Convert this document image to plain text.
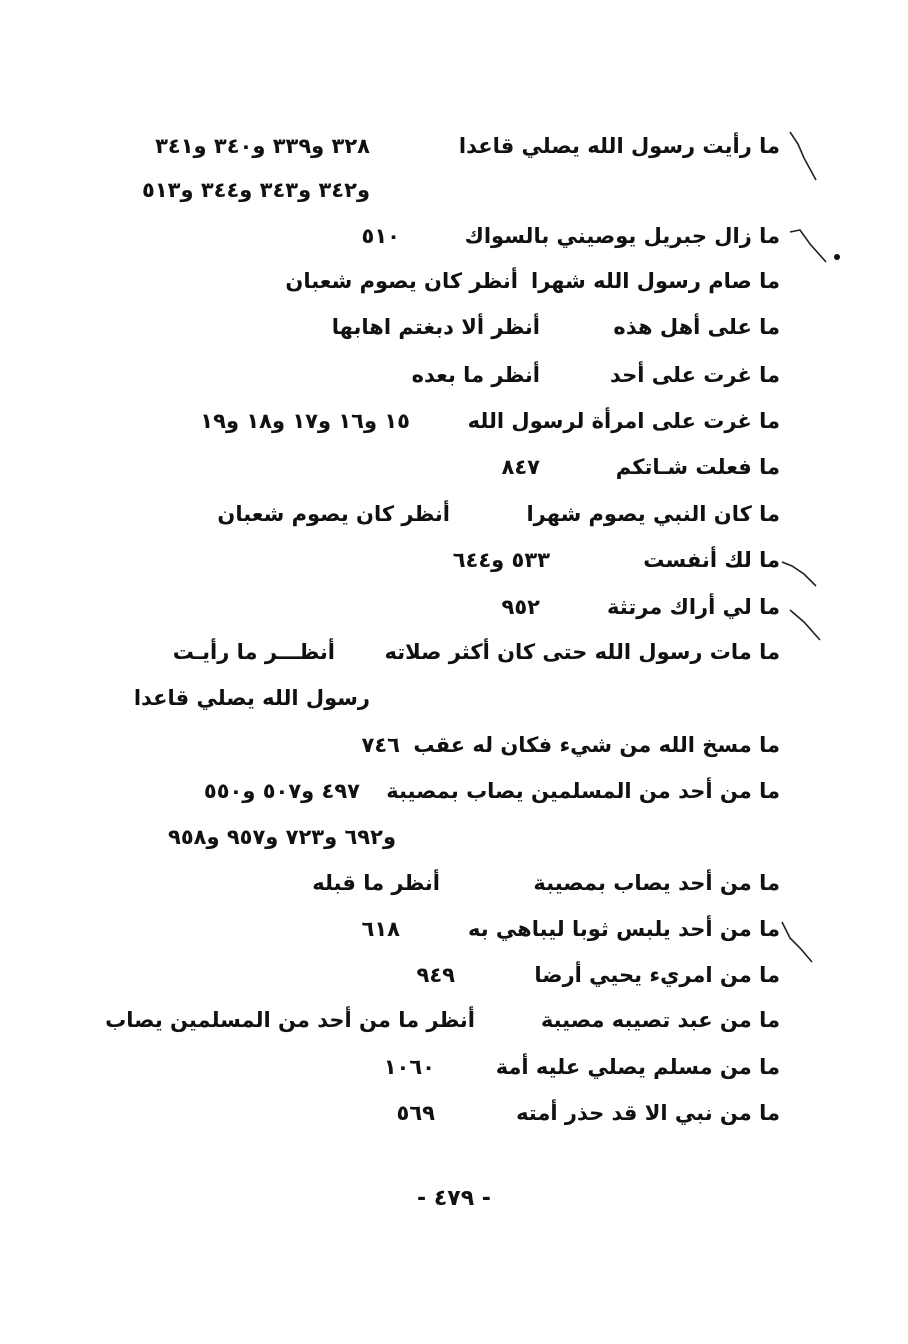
ما رأيت رسول الله يصلي قاعدا
٣٢٨ و٣٣٩ و٣٤٠ و٣٤١
و٣٤٢ و٣٤٣ و٣٤٤ و٥١٣
ما زال جبريل يوصيني بالسواك
٥١٠
ما صام رسول الله شهرا
أنظر كان يصوم شعبان
ما على أهل هذه
أنظر ألا دبغتم اهابها
ما غرت على أحد
أنظر ما بعده
ما غرت على امرأة لرسول الله
١٥ و١٦ و١٧ و١٨ و١٩
ما فعلت شـاتكم
٨٤٧
ما كان النبي يصوم شهرا
أنظر كان يصوم شعبان
ما لك أنفست
٥٣٣ و٦٤٤
ما لي أراك مرتثة
٩٥٢
ما مات رسول الله حتى كان أكثر صلاته
أنظـــر ما رأيـت
رسول الله يصلي قاعدا
ما مسخ الله من شيء فكان له عقب
٧٤٦
ما من أحد من المسلمين يصاب بمصيبة
٤٩٧ و٥٠٧ و٥٥٠
و٦٩٢ و٧٢٣ و٩٥٧ و٩٥٨
ما من أحد يصاب بمصيبة
أنظر ما قبله
ما من أحد يلبس ثوبا ليباهي به
٦١٨
ما من امريء يحيي أرضا
٩٤٩
ما من عبد تصيبه مصيبة
أنظر ما من أحد من المسلمين يصاب
ما من مسلم يصلي عليه أمة
١٠٦٠
ما من نبي الا قد حذر أمته
٥٦٩
- ٤٧٩ -
